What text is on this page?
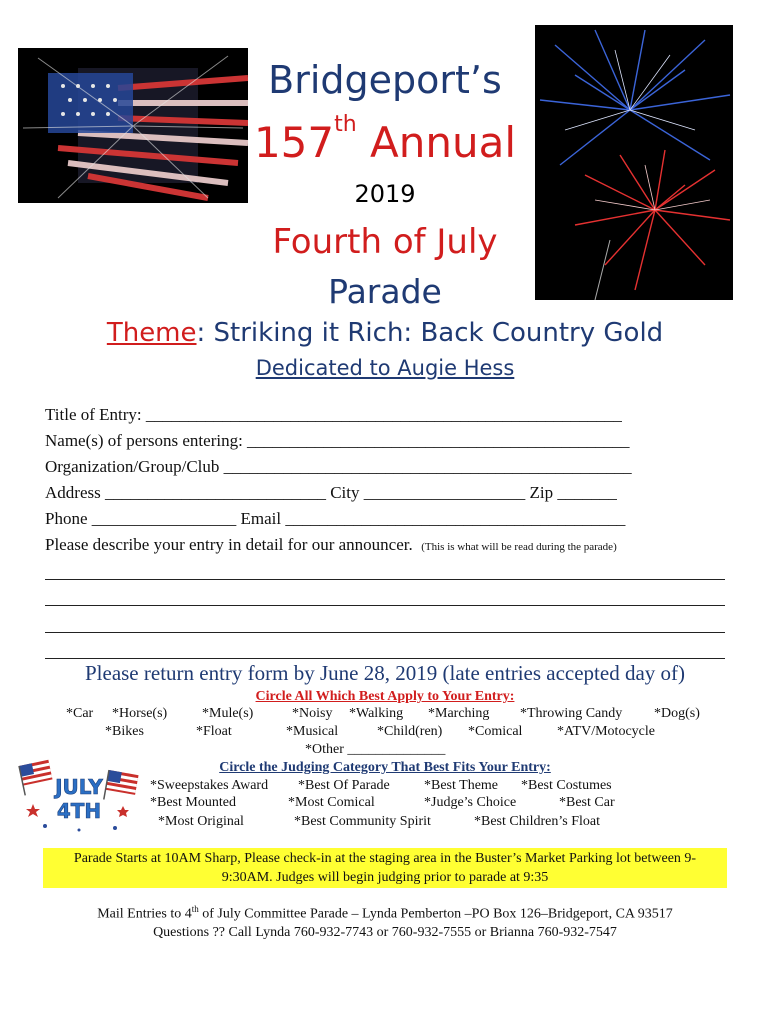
Bridgeport’s
157th Annual
2019
Fourth of July
Parade
Theme: Striking it Rich: Back Country Gold
Dedicated to Augie Hess
Title of Entry: ________________________________________________________
Name(s) of persons entering: _____________________________________________
Organization/Group/Club ________________________________________________
Address __________________________ City ___________________ Zip _______
Phone _________________ Email ________________________________________
Please describe your entry in detail for our announcer. (This is what will be read during the parade)
Please return entry form by June 28, 2019 (late entries accepted day of)
Circle All Which Best Apply to Your Entry:
*Car *Horse(s) *Mule(s)	*Noisy *Walking *Marching *Throwing Candy *Dog(s)
*Bikes	*Float	*Musical	*Child(ren) *Comical *ATV/Motocycle
*Other ______________
JULY
4TH
Circle the Judging Category That Best Fits Your Entry:
*Sweepstakes Award *Best Of Parade *Best Theme *Best Costumes
*Best Mounted	*Most Comical	*Judge’s Choice	*Best Car
*Most Original	*Best Community Spirit	*Best Children’s Float
Parade Starts at 10AM Sharp, Please check-in at the staging area in the Buster’s Market Parking lot between 9-
9:30AM. Judges will begin judging prior to parade at 9:35
Mail Entries to 4th of July Committee Parade – Lynda Pemberton –PO Box 126–Bridgeport, CA 93517
Questions ?? Call Lynda 760-932-7743 or 760-932-7555 or Brianna 760-932-7547
